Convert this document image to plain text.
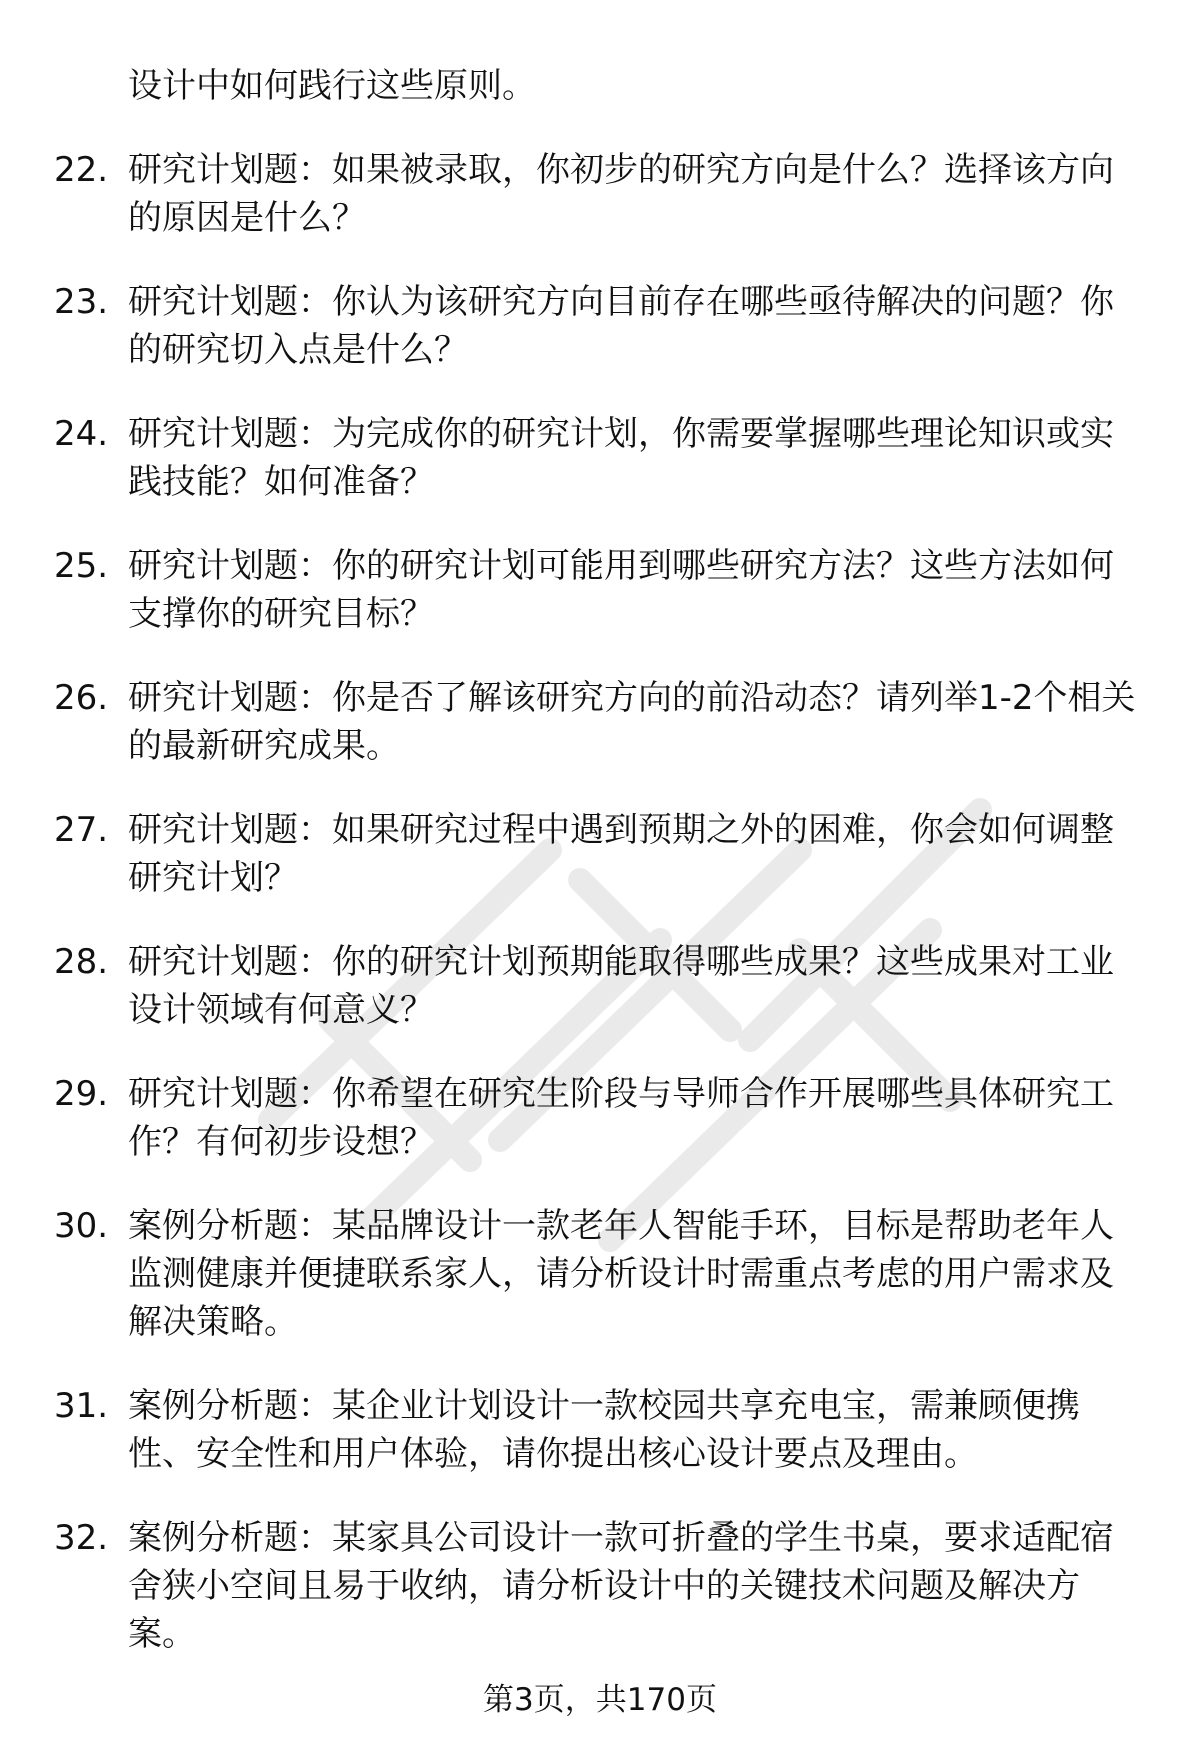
设计中如何践行这些原则。
22. 研究计划题：如果被录取，你初步的研究方向是什么？选择该方向的原因是什么？
23. 研究计划题：你认为该研究方向目前存在哪些亟待解决的问题？你的研究切入点是什么？
24. 研究计划题：为完成你的研究计划，你需要掌握哪些理论知识或实践技能？如何准备？
25. 研究计划题：你的研究计划可能用到哪些研究方法？这些方法如何支撑你的研究目标？
26. 研究计划题：你是否了解该研究方向的前沿动态？请列举1-2个相关的最新研究成果。
27. 研究计划题：如果研究过程中遇到预期之外的困难，你会如何调整研究计划？
28. 研究计划题：你的研究计划预期能取得哪些成果？这些成果对工业设计领域有何意义？
29. 研究计划题：你希望在研究生阶段与导师合作开展哪些具体研究工作？有何初步设想？
30. 案例分析题：某品牌设计一款老年人智能手环，目标是帮助老年人监测健康并便捷联系家人，请分析设计时需重点考虑的用户需求及解决策略。
31. 案例分析题：某企业计划设计一款校园共享充电宝，需兼顾便携性、安全性和用户体验，请你提出核心设计要点及理由。
32. 案例分析题：某家具公司设计一款可折叠的学生书桌，要求适配宿舍狭小空间且易于收纳，请分析设计中的关键技术问题及解决方案。
第3页，共170页
